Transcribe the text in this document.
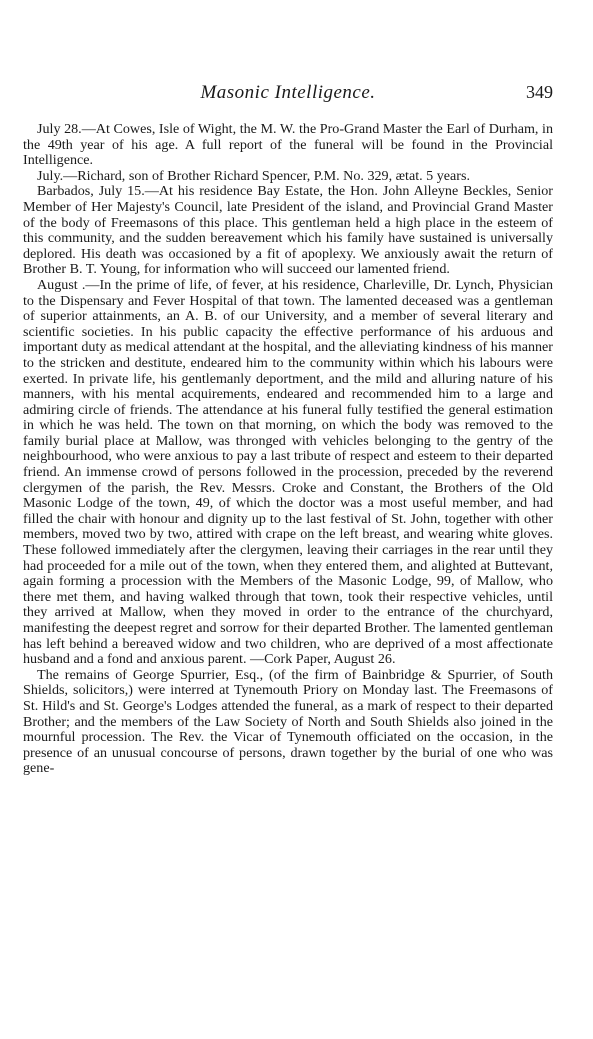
Masonic Intelligence.	349

July 28.—At Cowes, Isle of Wight, the M. W. the Pro-Grand Master the Earl of Durham, in the 49th year of his age. A full report of the funeral will be found in the Provincial Intelligence.

July.—Richard, son of Brother Richard Spencer, P.M. No. 329, ætat. 5 years.

Barbados, July 15.—At his residence Bay Estate, the Hon. John Alleyne Beckles, Senior Member of Her Majesty's Council, late President of the island, and Provincial Grand Master of the body of Freemasons of this place. This gentleman held a high place in the esteem of this community, and the sudden bereavement which his family have sustained is universally deplored. His death was occasioned by a fit of apoplexy. We anxiously await the return of Brother B. T. Young, for information who will succeed our lamented friend.

August .—In the prime of life, of fever, at his residence, Charleville, Dr. Lynch, Physician to the Dispensary and Fever Hospital of that town. The lamented deceased was a gentleman of superior attainments, an A. B. of our University, and a member of several literary and scientific societies. In his public capacity the effective performance of his arduous and important duty as medical attendant at the hospital, and the alleviating kindness of his manner to the stricken and destitute, endeared him to the community within which his labours were exerted. In private life, his gentlemanly deportment, and the mild and alluring nature of his manners, with his mental acquirements, endeared and recommended him to a large and admiring circle of friends. The attendance at his funeral fully testified the general estimation in which he was held. The town on that morning, on which the body was removed to the family burial place at Mallow, was thronged with vehicles belonging to the gentry of the neighbourhood, who were anxious to pay a last tribute of respect and esteem to their departed friend. An immense crowd of persons followed in the procession, preceded by the reverend clergymen of the parish, the Rev. Messrs. Croke and Constant, the Brothers of the Old Masonic Lodge of the town, 49, of which the doctor was a most useful member, and had filled the chair with honour and dignity up to the last festival of St. John, together with other members, moved two by two, attired with crape on the left breast, and wearing white gloves. These followed immediately after the clergymen, leaving their carriages in the rear until they had proceeded for a mile out of the town, when they entered them, and alighted at Buttevant, again forming a procession with the Members of the Masonic Lodge, 99, of Mallow, who there met them, and having walked through that town, took their respective vehicles, until they arrived at Mallow, when they moved in order to the entrance of the churchyard, manifesting the deepest regret and sorrow for their departed Brother. The lamented gentleman has left behind a bereaved widow and two children, who are deprived of a most affectionate husband and a fond and anxious parent. —Cork Paper, August 26.

The remains of George Spurrier, Esq., (of the firm of Bainbridge & Spurrier, of South Shields, solicitors,) were interred at Tynemouth Priory on Monday last. The Freemasons of St. Hild's and St. George's Lodges attended the funeral, as a mark of respect to their departed Brother; and the members of the Law Society of North and South Shields also joined in the mournful procession. The Rev. the Vicar of Tynemouth officiated on the occasion, in the presence of an unusual concourse of persons, drawn together by the burial of one who was gene-
